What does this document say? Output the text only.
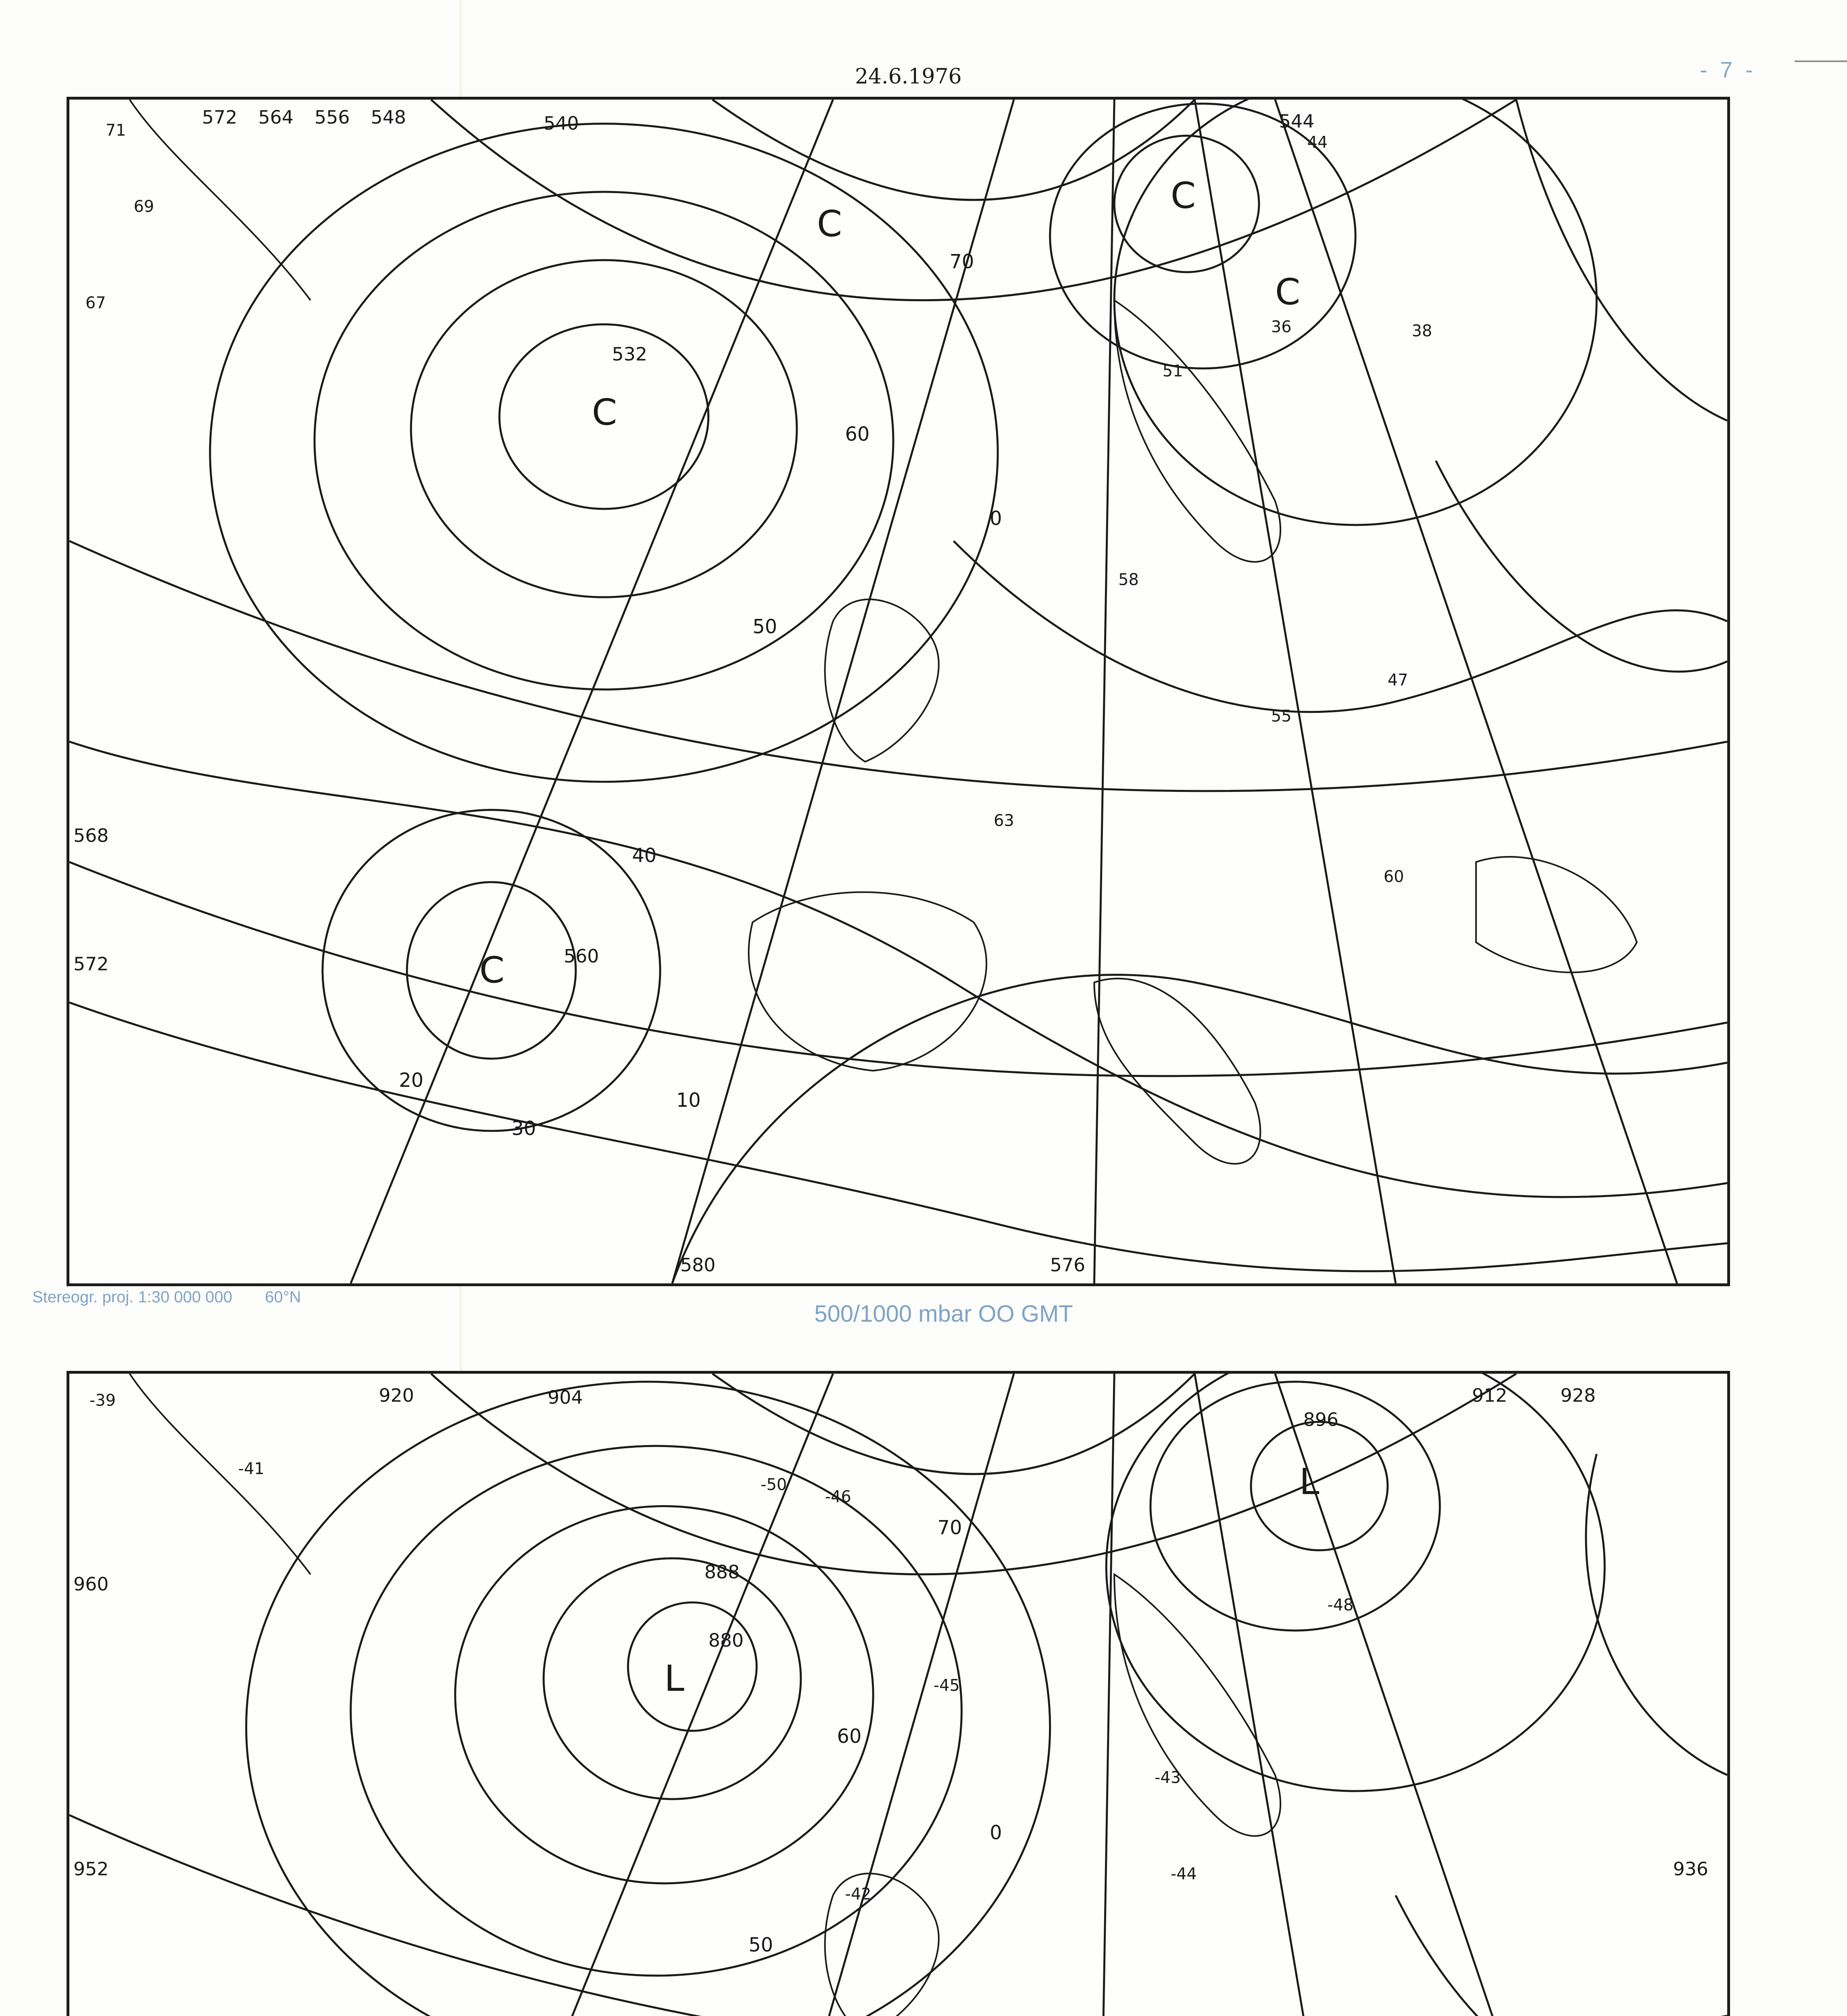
- 7 -
24.6.1976
C
C
C
C
C
572 564 556 548	540	544
532
560
568
572
576
580
71
69
67
63
60
58
55
51
47
44
38
36
50
60
70
30
40
20
10
0
Stereogr. proj. 1:30 000 000 60°N
500/1000 mbar OO GMT
L
L
960
952	936
928
920	912
904
896
888
880
-39
-41
-43
-45
-46
-48
-50
-44
-42
50
60
70
0
